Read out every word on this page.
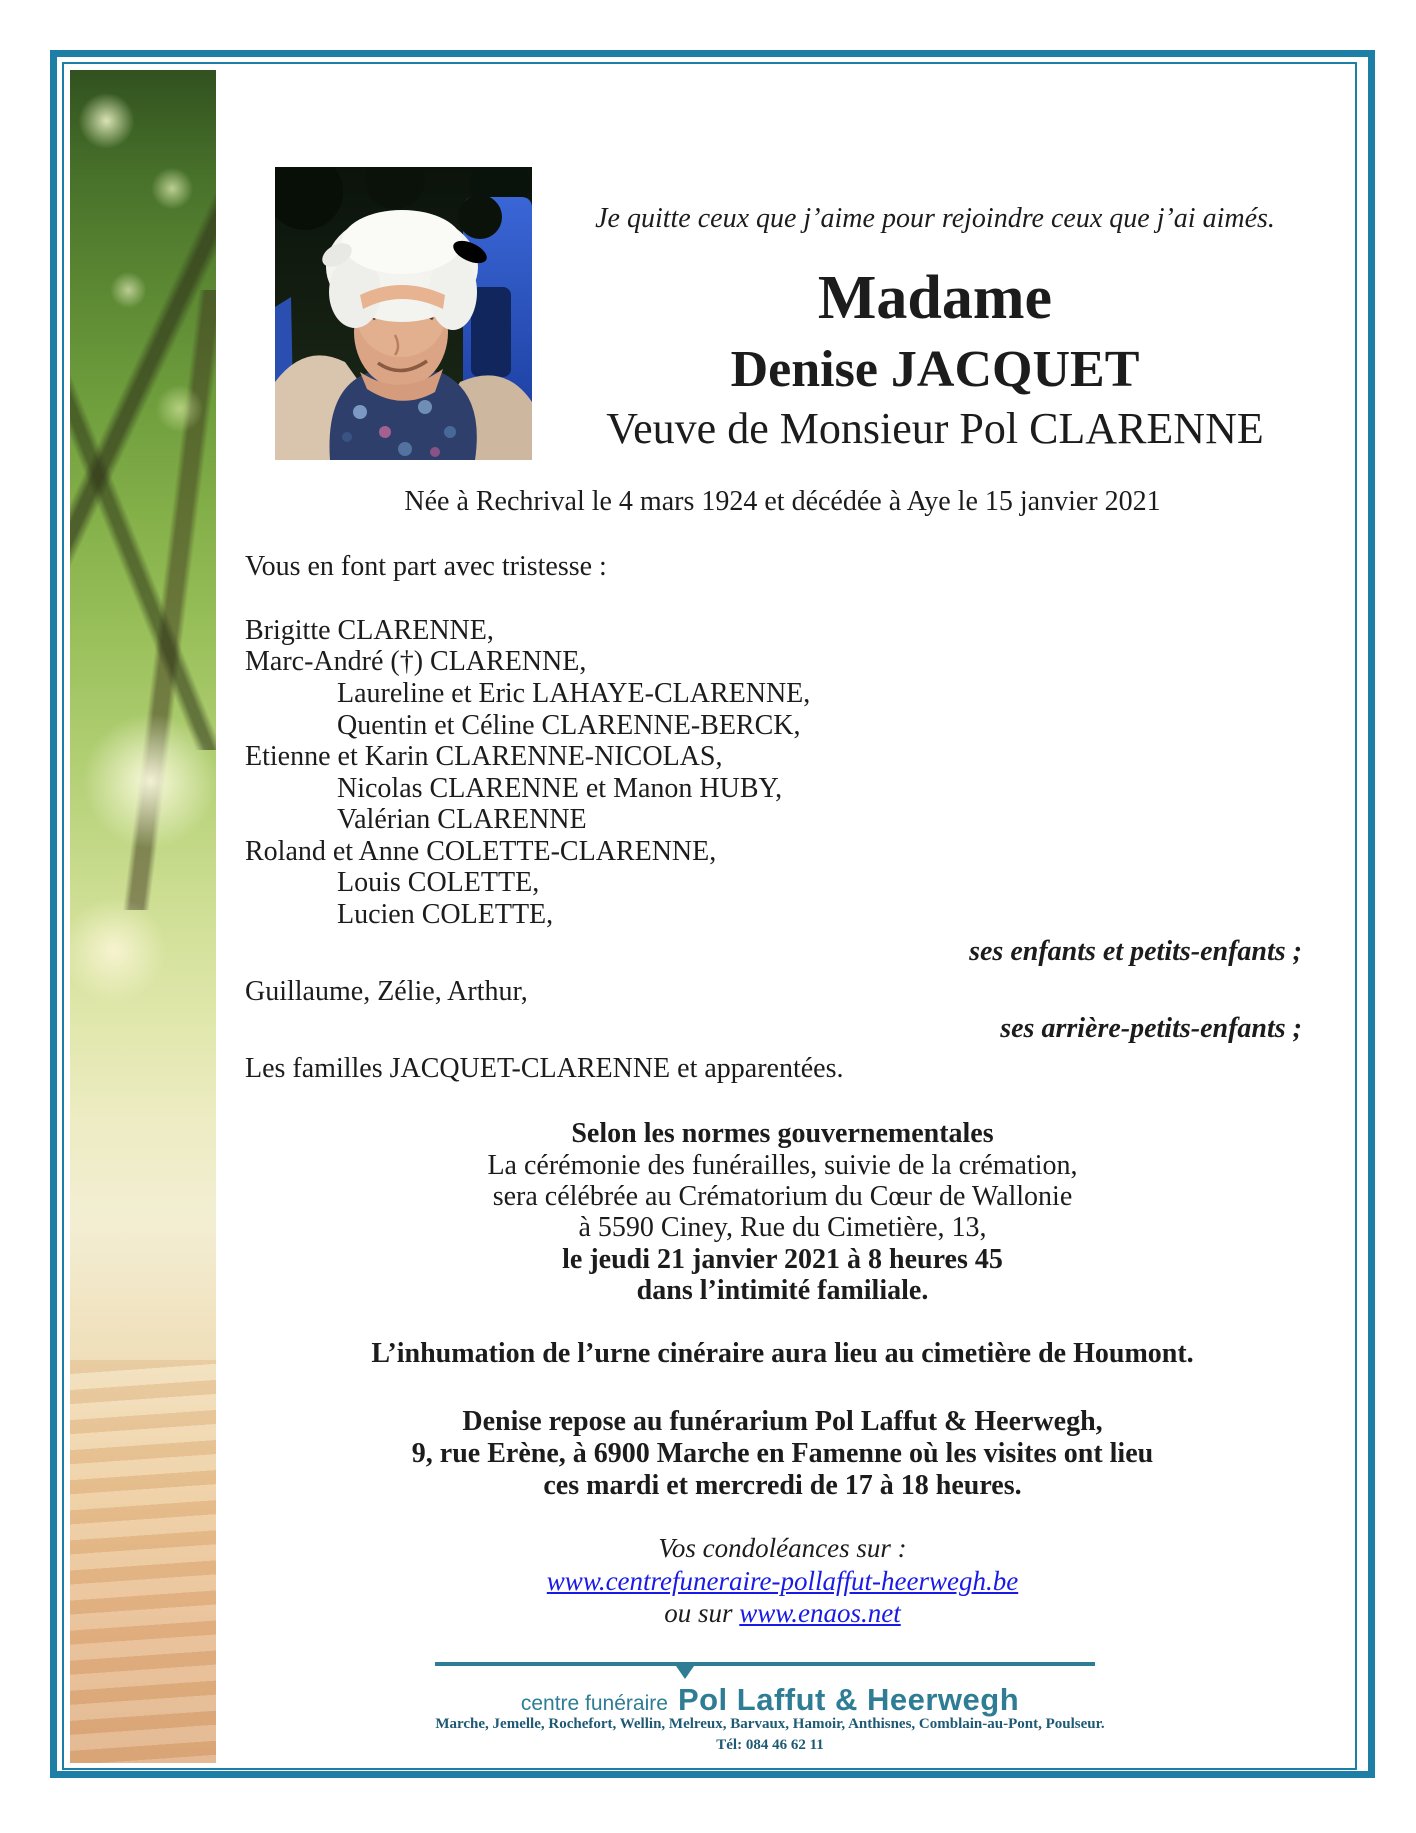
Je quitte ceux que j’aime pour rejoindre ceux que j’ai aimés.
Madame
Denise JACQUET
Veuve de Monsieur Pol CLARENNE
Née à Rechrival le 4 mars 1924 et décédée à Aye le 15 janvier 2021
Vous en font part avec tristesse :
Brigitte CLARENNE,
Marc-André (†) CLARENNE,
Laureline et Eric LAHAYE-CLARENNE,
Quentin et Céline CLARENNE-BERCK,
Etienne et Karin CLARENNE-NICOLAS,
Nicolas CLARENNE et Manon HUBY,
Valérian CLARENNE
Roland et Anne COLETTE-CLARENNE,
Louis COLETTE,
Lucien COLETTE,
ses enfants et petits-enfants ;
Guillaume, Zélie, Arthur,
ses arrière-petits-enfants ;
Les familles JACQUET-CLARENNE et apparentées.
Selon les normes gouvernementales
La cérémonie des funérailles, suivie de la crémation,
sera célébrée au Crématorium du Cœur de Wallonie
à 5590 Ciney, Rue du Cimetière, 13,
le jeudi 21 janvier 2021 à 8 heures 45
dans l’intimité familiale.
L’inhumation de l’urne cinéraire aura lieu au cimetière de Houmont.
Denise repose au funérarium Pol Laffut & Heerwegh,
9, rue Erène, à 6900 Marche en Famenne où les visites ont lieu
ces mardi et mercredi de 17 à 18 heures.
Vos condoléances sur :
www.centrefuneraire-pollaffut-heerwegh.be
ou sur www.enaos.net
centre funéraire Pol Laffut & Heerwegh
Marche, Jemelle, Rochefort, Wellin, Melreux, Barvaux, Hamoir, Anthisnes, Comblain-au-Pont, Poulseur.
Tél: 084 46 62 11
